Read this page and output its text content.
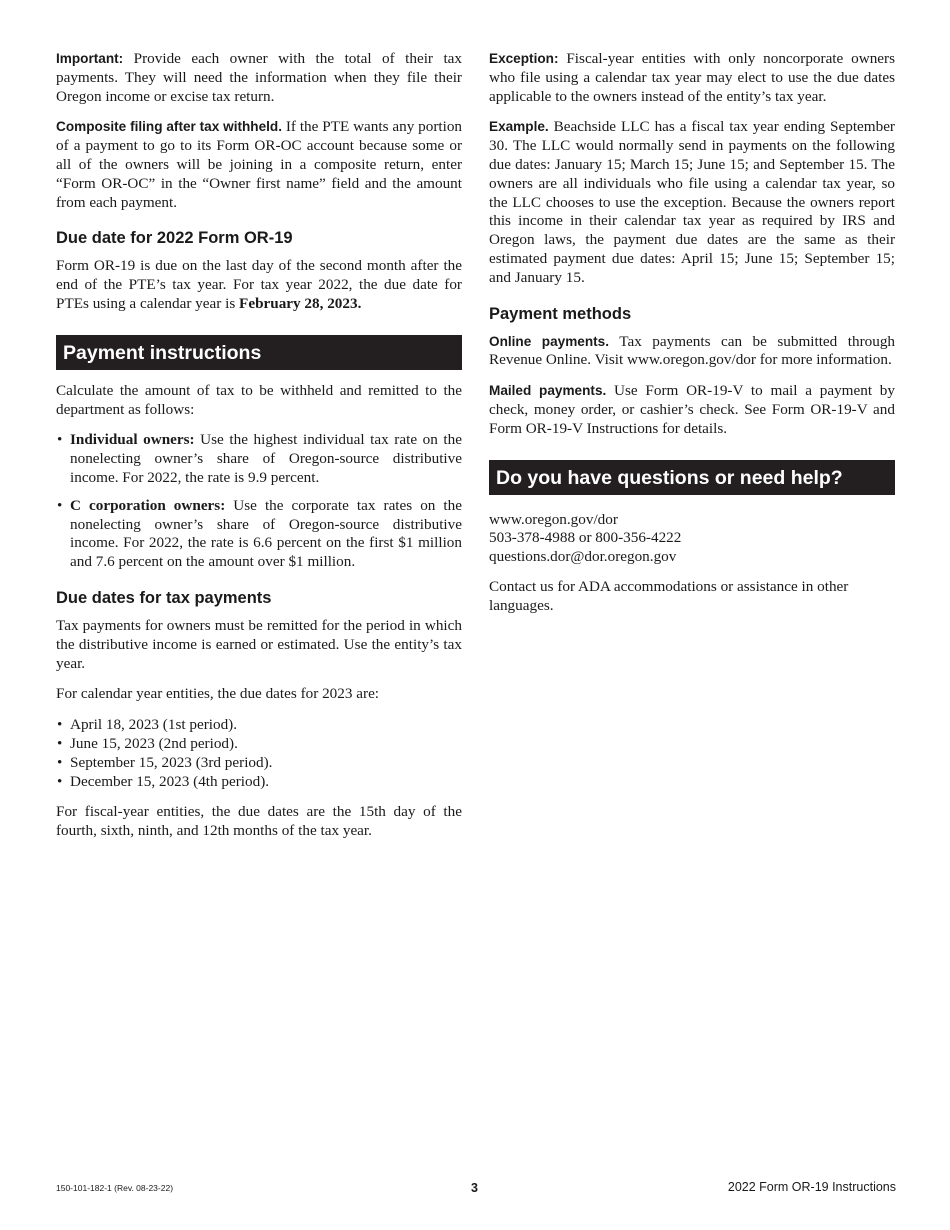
Important: Provide each owner with the total of their tax payments. They will need the information when they file their Oregon income or excise tax return.

Composite filing after tax withheld. If the PTE wants any portion of a payment to go to its Form OR-OC account because some or all of the owners will be joining in a composite return, enter “Form OR-OC” in the “Owner first name” field and the amount from each payment.

Due date for 2022 Form OR-19

Form OR-19 is due on the last day of the second month after the end of the PTE’s tax year. For tax year 2022, the due date for PTEs using a calendar year is February 28, 2023.

Payment instructions

Calculate the amount of tax to be withheld and remitted to the department as follows:

• Individual owners: Use the highest individual tax rate on the nonelecting owner’s share of Oregon-source distributive income. For 2022, the rate is 9.9 percent.
• C corporation owners: Use the corporate tax rates on the nonelecting owner’s share of Oregon-source distributive income. For 2022, the rate is 6.6 percent on the first $1 million and 7.6 percent on the amount over $1 million.
Due dates for tax payments

Tax payments for owners must be remitted for the period in which the distributive income is earned or estimated. Use the entity’s tax year.

For calendar year entities, the due dates for 2023 are:

• April 18, 2023 (1st period).
• June 15, 2023 (2nd period).
• September 15, 2023 (3rd period).
• December 15, 2023 (4th period).

For fiscal-year entities, the due dates are the 15th day of the fourth, sixth, ninth, and 12th months of the tax year.

Exception: Fiscal-year entities with only noncorporate owners who file using a calendar tax year may elect to use the due dates applicable to the owners instead of the entity’s tax year.

Example. Beachside LLC has a fiscal tax year ending September 30. The LLC would normally send in payments on the following due dates: January 15; March 15; June 15; and September 15. The owners are all individuals who file using a calendar tax year, so the LLC chooses to use the exception. Because the owners report this income in their calendar tax year as required by IRS and Oregon laws, the payment due dates are the same as their estimated payment due dates: April 15; June 15; September 15; and January 15.

Payment methods

Online payments. Tax payments can be submitted through Revenue Online. Visit www.oregon.gov/dor for more information.

Mailed payments. Use Form OR-19-V to mail a payment by check, money order, or cashier’s check. See Form OR-19-V and Form OR-19-V Instructions for details.

Do you have questions or need help?
www.oregon.gov/dor
503-378-4988 or 800-356-4222
questions.dor@dor.oregon.gov

Contact us for ADA accommodations or assistance in other languages.

150-101-182-1 (Rev. 08-23-22)	3	2022 Form OR-19 Instructions
